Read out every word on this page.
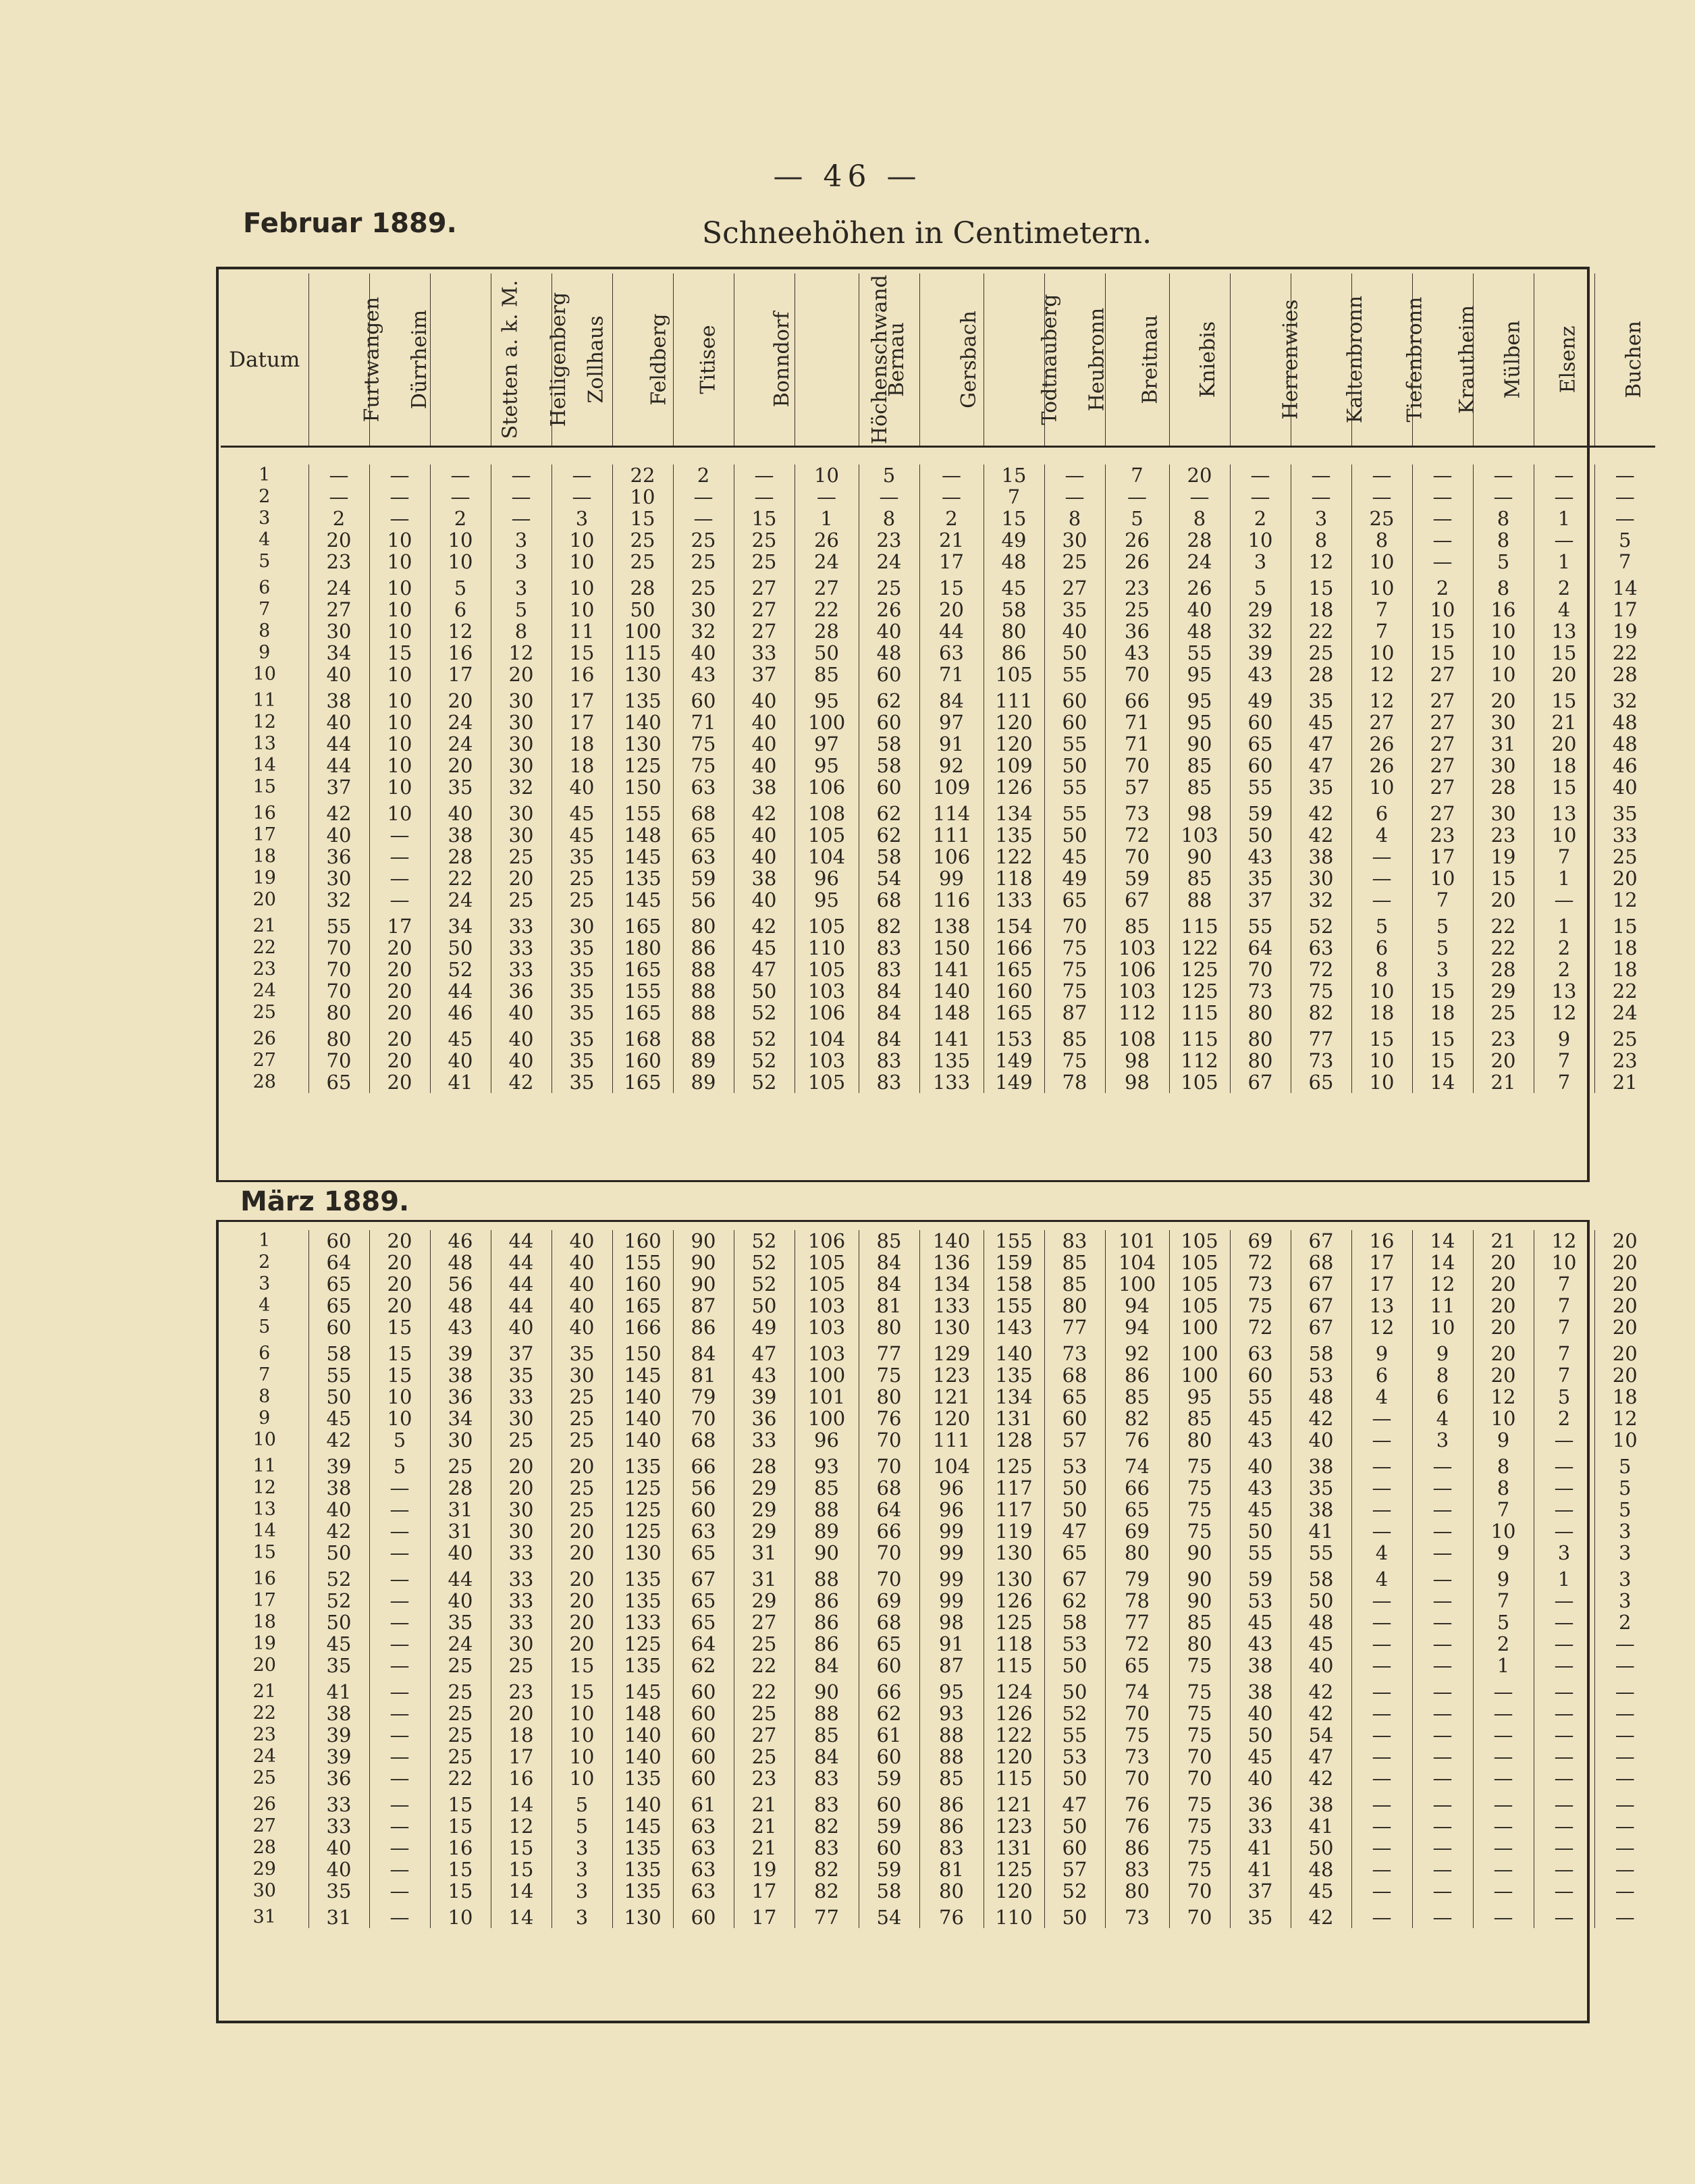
— 46 —
Februar 1889.	Schneehöhen in Centimetern.
Datum	Furtwangen	Dürrheim	Stetten a. k. M.	Heiligenberg	Zollhaus	Feldberg	Titisee	Bonndorf	Höchenschwand	Bernau	Gersbach	Todtnauberg	Heubronn	Breitnau	Kniebis	Herrenwies	Kaltenbronn	Tiefenbronn	Krautheim	Mülben	Elsenz	Buchen
1	—	—	—	—	—	22	2	—	10	5	—	15	—	7	20	—	—	—	—	—	—	—
2	—	—	—	—	—	10	—	—	—	—	—	7	—	—	—	—	—	—	—	—	—	—
3	2	—	2	—	3	15	—	15	1	8	2	15	8	5	8	2	3	25	—	8	1	—
4	20	10	10	3	10	25	25	25	26	23	21	49	30	26	28	10	8	8	—	8	—	5
5	23	10	10	3	10	25	25	25	24	24	17	48	25	26	24	3	12	10	—	5	1	7

6	24	10	5	3	10	28	25	27	27	25	15	45	27	23	26	5	15	10	2	8	2	14
7	27	10	6	5	10	50	30	27	22	26	20	58	35	25	40	29	18	7	10	16	4	17
8	30	10	12	8	11	100	32	27	28	40	44	80	40	36	48	32	22	7	15	10	13	19
9	34	15	16	12	15	115	40	33	50	48	63	86	50	43	55	39	25	10	15	10	15	22
10	40	10	17	20	16	130	43	37	85	60	71	105	55	70	95	43	28	12	27	10	20	28

11	38	10	20	30	17	135	60	40	95	62	84	111	60	66	95	49	35	12	27	20	15	32
12	40	10	24	30	17	140	71	40	100	60	97	120	60	71	95	60	45	27	27	30	21	48
13	44	10	24	30	18	130	75	40	97	58	91	120	55	71	90	65	47	26	27	31	20	48
14	44	10	20	30	18	125	75	40	95	58	92	109	50	70	85	60	47	26	27	30	18	46
15	37	10	35	32	40	150	63	38	106	60	109	126	55	57	85	55	35	10	27	28	15	40

16	42	10	40	30	45	155	68	42	108	62	114	134	55	73	98	59	42	6	27	30	13	35
17	40	—	38	30	45	148	65	40	105	62	111	135	50	72	103	50	42	4	23	23	10	33
18	36	—	28	25	35	145	63	40	104	58	106	122	45	70	90	43	38	—	17	19	7	25
19	30	—	22	20	25	135	59	38	96	54	99	118	49	59	85	35	30	—	10	15	1	20
20	32	—	24	25	25	145	56	40	95	68	116	133	65	67	88	37	32	—	7	20	—	12

21	55	17	34	33	30	165	80	42	105	82	138	154	70	85	115	55	52	5	5	22	1	15
22	70	20	50	33	35	180	86	45	110	83	150	166	75	103	122	64	63	6	5	22	2	18
23	70	20	52	33	35	165	88	47	105	83	141	165	75	106	125	70	72	8	3	28	2	18
24	70	20	44	36	35	155	88	50	103	84	140	160	75	103	125	73	75	10	15	29	13	22
25	80	20	46	40	35	165	88	52	106	84	148	165	87	112	115	80	82	18	18	25	12	24

26	80	20	45	40	35	168	88	52	104	84	141	153	85	108	115	80	77	15	15	23	9	25
27	70	20	40	40	35	160	89	52	103	83	135	149	75	98	112	80	73	10	15	20	7	23
28	65	20	41	42	35	165	89	52	105	83	133	149	78	98	105	67	65	10	14	21	7	21
März 1889.
1	60	20	46	44	40	160	90	52	106	85	140	155	83	101	105	69	67	16	14	21	12	20
2	64	20	48	44	40	155	90	52	105	84	136	159	85	104	105	72	68	17	14	20	10	20
3	65	20	56	44	40	160	90	52	105	84	134	158	85	100	105	73	67	17	12	20	7	20
4	65	20	48	44	40	165	87	50	103	81	133	155	80	94	105	75	67	13	11	20	7	20
5	60	15	43	40	40	166	86	49	103	80	130	143	77	94	100	72	67	12	10	20	7	20

6	58	15	39	37	35	150	84	47	103	77	129	140	73	92	100	63	58	9	9	20	7	20
7	55	15	38	35	30	145	81	43	100	75	123	135	68	86	100	60	53	6	8	20	7	20
8	50	10	36	33	25	140	79	39	101	80	121	134	65	85	95	55	48	4	6	12	5	18
9	45	10	34	30	25	140	70	36	100	76	120	131	60	82	85	45	42	—	4	10	2	12
10	42	5	30	25	25	140	68	33	96	70	111	128	57	76	80	43	40	—	3	9	—	10

11	39	5	25	20	20	135	66	28	93	70	104	125	53	74	75	40	38	—	—	8	—	5
12	38	—	28	20	25	125	56	29	85	68	96	117	50	66	75	43	35	—	—	8	—	5
13	40	—	31	30	25	125	60	29	88	64	96	117	50	65	75	45	38	—	—	7	—	5
14	42	—	31	30	20	125	63	29	89	66	99	119	47	69	75	50	41	—	—	10	—	3
15	50	—	40	33	20	130	65	31	90	70	99	130	65	80	90	55	55	4	—	9	3	3

16	52	—	44	33	20	135	67	31	88	70	99	130	67	79	90	59	58	4	—	9	1	3
17	52	—	40	33	20	135	65	29	86	69	99	126	62	78	90	53	50	—	—	7	—	3
18	50	—	35	33	20	133	65	27	86	68	98	125	58	77	85	45	48	—	—	5	—	2
19	45	—	24	30	20	125	64	25	86	65	91	118	53	72	80	43	45	—	—	2	—	—
20	35	—	25	25	15	135	62	22	84	60	87	115	50	65	75	38	40	—	—	1	—	—

21	41	—	25	23	15	145	60	22	90	66	95	124	50	74	75	38	42	—	—	—	—	—
22	38	—	25	20	10	148	60	25	88	62	93	126	52	70	75	40	42	—	—	—	—	—
23	39	—	25	18	10	140	60	27	85	61	88	122	55	75	75	50	54	—	—	—	—	—
24	39	—	25	17	10	140	60	25	84	60	88	120	53	73	70	45	47	—	—	—	—	—
25	36	—	22	16	10	135	60	23	83	59	85	115	50	70	70	40	42	—	—	—	—	—

26	33	—	15	14	5	140	61	21	83	60	86	121	47	76	75	36	38	—	—	—	—	—
27	33	—	15	12	5	145	63	21	82	59	86	123	50	76	75	33	41	—	—	—	—	—
28	40	—	16	15	3	135	63	21	83	60	83	131	60	86	75	41	50	—	—	—	—	—
29	40	—	15	15	3	135	63	19	82	59	81	125	57	83	75	41	48	—	—	—	—	—
30	35	—	15	14	3	135	63	17	82	58	80	120	52	80	70	37	45	—	—	—	—	—

31	31	—	10	14	3	130	60	17	77	54	76	110	50	73	70	35	42	—	—	—	—	—
